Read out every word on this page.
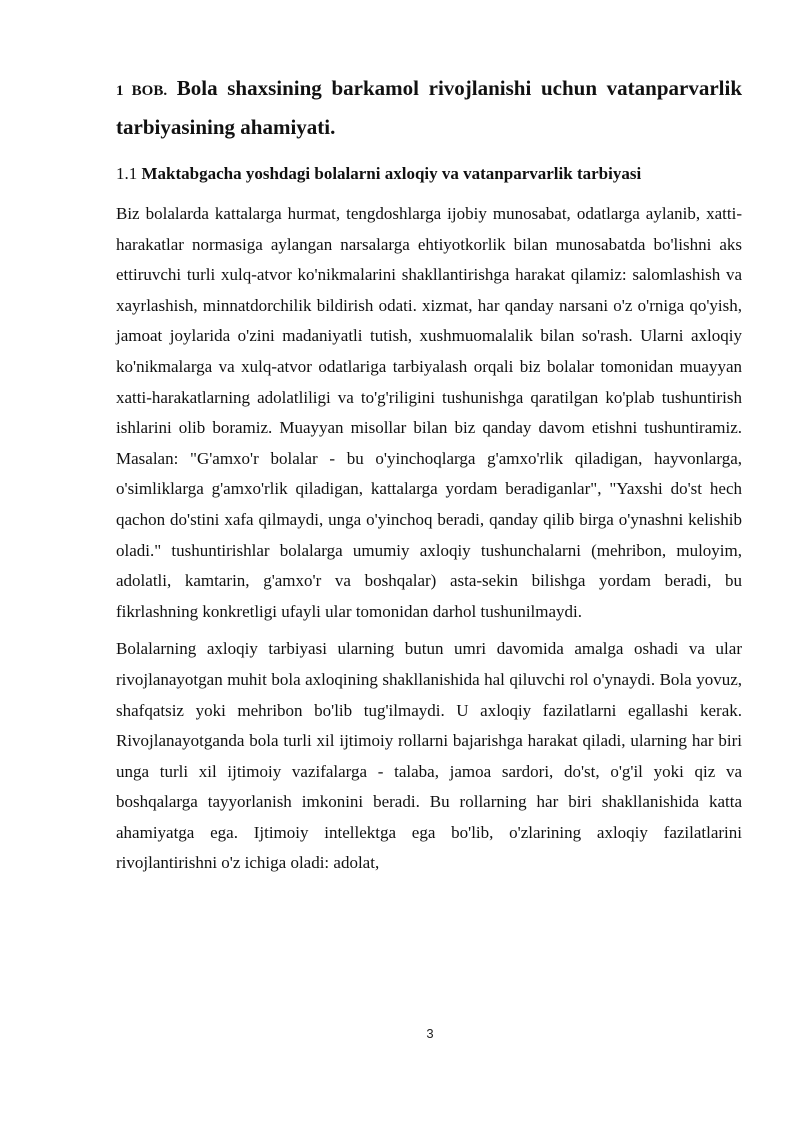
1 BOB. Bola shaxsining barkamol rivojlanishi uchun vatanparvarlik tarbiyasining ahamiyati.
1.1 Maktabgacha yoshdagi bolalarni axloqiy va vatanparvarlik tarbiyasi

Biz bolalarda kattalarga hurmat, tengdoshlarga ijobiy munosabat, odatlarga aylanib, xatti-harakatlar normasiga aylangan narsalarga ehtiyotkorlik bilan munosabatda bo'lishni aks ettiruvchi turli xulq-atvor ko'nikmalarini shakllantirishga harakat qilamiz: salomlashish va xayrlashish, minnatdorchilik bildirish odati. xizmat, har qanday narsani o'z o'rniga qo'yish, jamoat joylarida o'zini madaniyatli tutish, xushmuomalalik bilan so'rash. Ularni axloqiy ko'nikmalarga va xulq-atvor odatlariga tarbiyalash orqali biz bolalar tomonidan muayyan xatti-harakatlarning adolatliligi va to'g'riligini tushunishga qaratilgan ko'plab tushuntirish ishlarini olib boramiz. Muayyan misollar bilan biz qanday davom etishni tushuntiramiz. Masalan: "G'amxo'r bolalar - bu o'yinchoqlarga g'amxo'rlik qiladigan, hayvonlarga, o'simliklarga g'amxo'rlik qiladigan, kattalarga yordam beradiganlar", "Yaxshi do'st hech qachon do'stini xafa qilmaydi, unga o'yinchoq beradi, qanday qilib birga o'ynashni kelishib oladi." tushuntirishlar bolalarga umumiy axloqiy tushunchalarni (mehribon, muloyim, adolatli, kamtarin, g'amxo'r va boshqalar) asta-sekin bilishga yordam beradi, bu fikrlashning konkretligi ufayli ular tomonidan darhol tushunilmaydi.

Bolalarning axloqiy tarbiyasi ularning butun umri davomida amalga oshadi va ular rivojlanayotgan muhit bola axloqining shakllanishida hal qiluvchi rol o'ynaydi. Bola yovuz, shafqatsiz yoki mehribon bo'lib tug'ilmaydi. U axloqiy fazilatlarni egallashi kerak. Rivojlanayotganda bola turli xil ijtimoiy rollarni bajarishga harakat qiladi, ularning har biri unga turli xil ijtimoiy vazifalarga - talaba, jamoa sardori, do'st, o'g'il yoki qiz va boshqalarga tayyorlanish imkonini beradi. Bu rollarning har biri shakllanishida katta ahamiyatga ega. Ijtimoiy intellektga ega bo'lib, o'zlarining axloqiy fazilatlarini rivojlantirishni o'z ichiga oladi: adolat,

3
